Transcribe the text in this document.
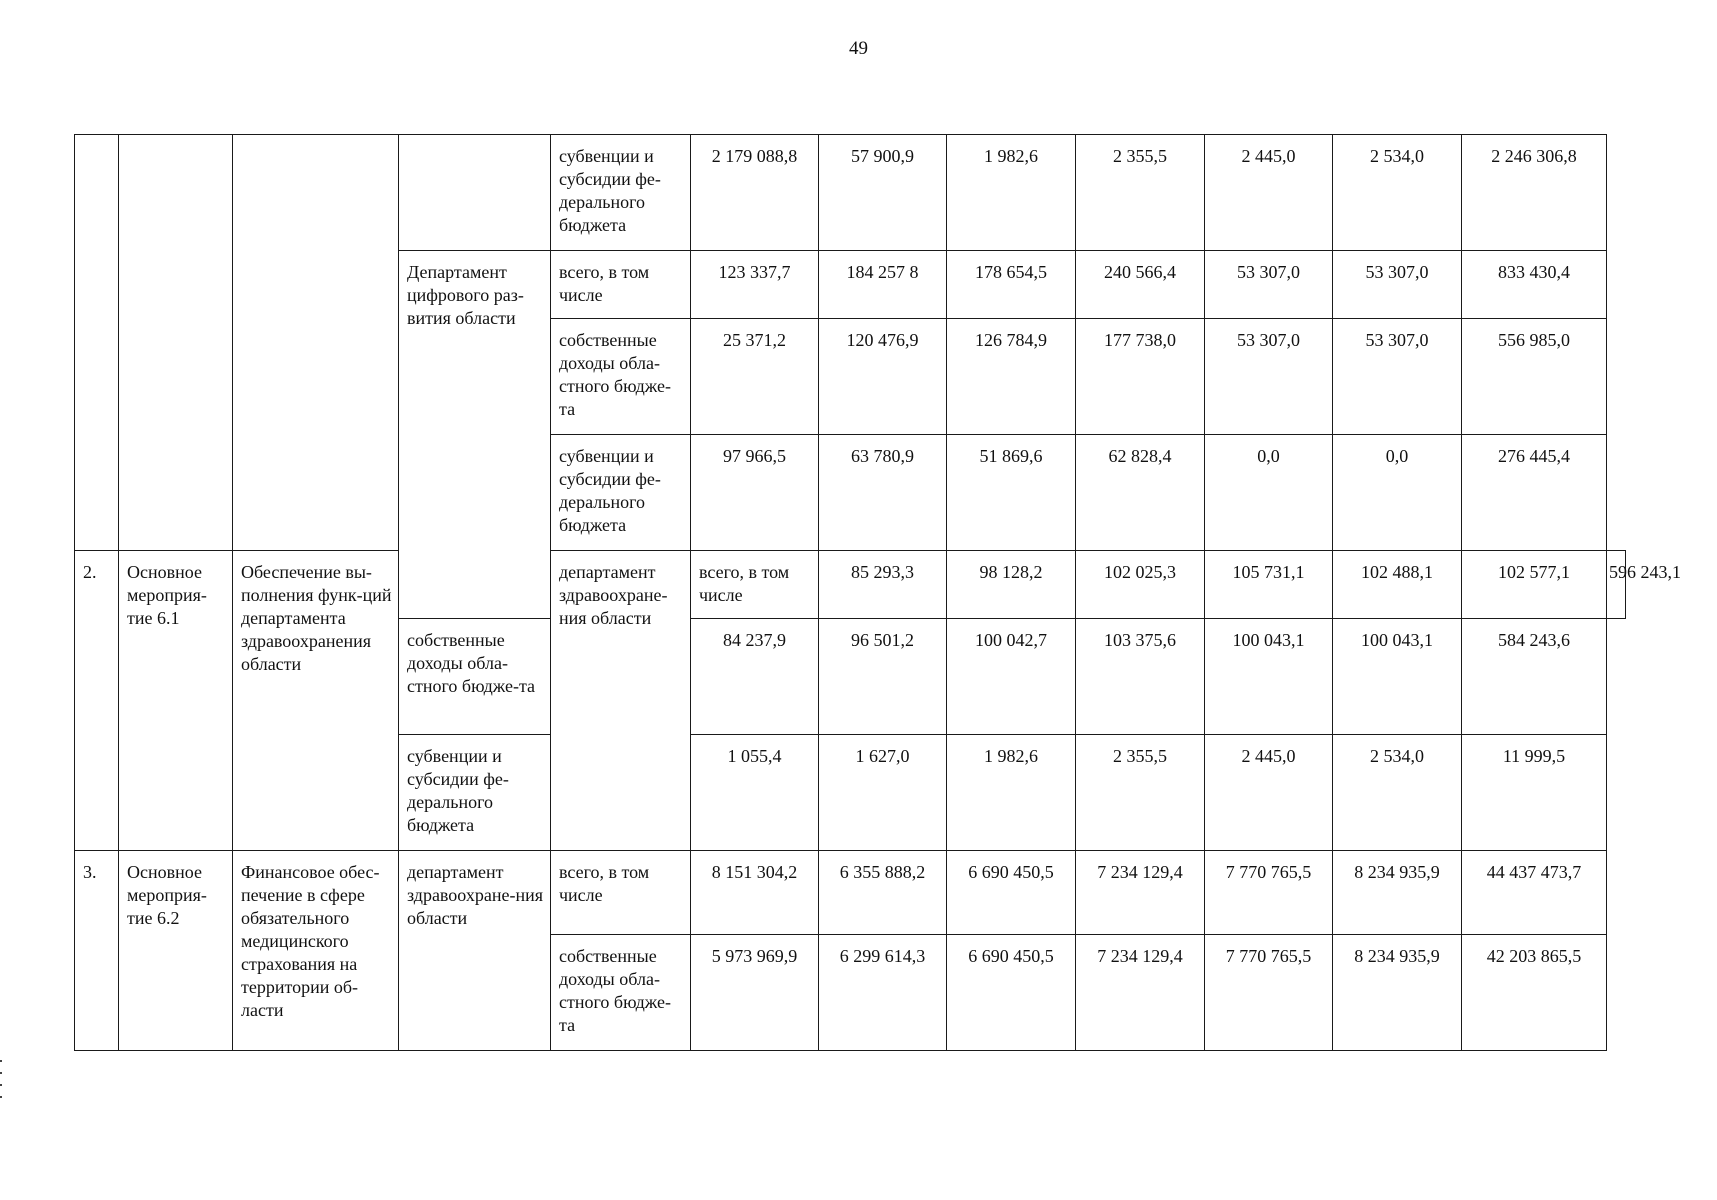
49
				субвенции и субсидии фе-дерального бюджета	2 179 088,8	57 900,9	1 982,6	2 355,5	2 445,0	2 534,0	2 246 306,8	
			Департамент цифрового раз-вития области	всего, в том числе	123 337,7	184 257 8	178 654,5	240 566,4	53 307,0	53 307,0	833 430,4	
				собственные доходы обла-стного бюдже-та	25 371,2	120 476,9	126 784,9	177 738,0	53 307,0	53 307,0	556 985,0	
				субвенции и субсидии фе-дерального бюджета	97 966,5	63 780,9	51 869,6	62 828,4	0,0	0,0	276 445,4	
2.	Основное мероприя-тие 6.1	Обеспечение вы-полнения функ-ций департамента здравоохранения области		департамент здравоохране-ния области	всего, в том числе	85 293,3	98 128,2	102 025,3	105 731,1	102 488,1	102 577,1	596 243,1
			собственные доходы обла-стного бюдже-та		84 237,9	96 501,2	100 042,7	103 375,6	100 043,1	100 043,1	584 243,6	
			субвенции и субсидии фе-дерального бюджета		1 055,4	1 627,0	1 982,6	2 355,5	2 445,0	2 534,0	11 999,5	
3.	Основное мероприя-тие 6.2	Финансовое обес-печение в сфере обязательного медицинского страхования на территории об-ласти	департамент здравоохране-ния области	всего, в том числе	8 151 304,2	6 355 888,2	6 690 450,5	7 234 129,4	7 770 765,5	8 234 935,9	44 437 473,7	
				собственные доходы обла-стного бюдже-та	5 973 969,9	6 299 614,3	6 690 450,5	7 234 129,4	7 770 765,5	8 234 935,9	42 203 865,5	
